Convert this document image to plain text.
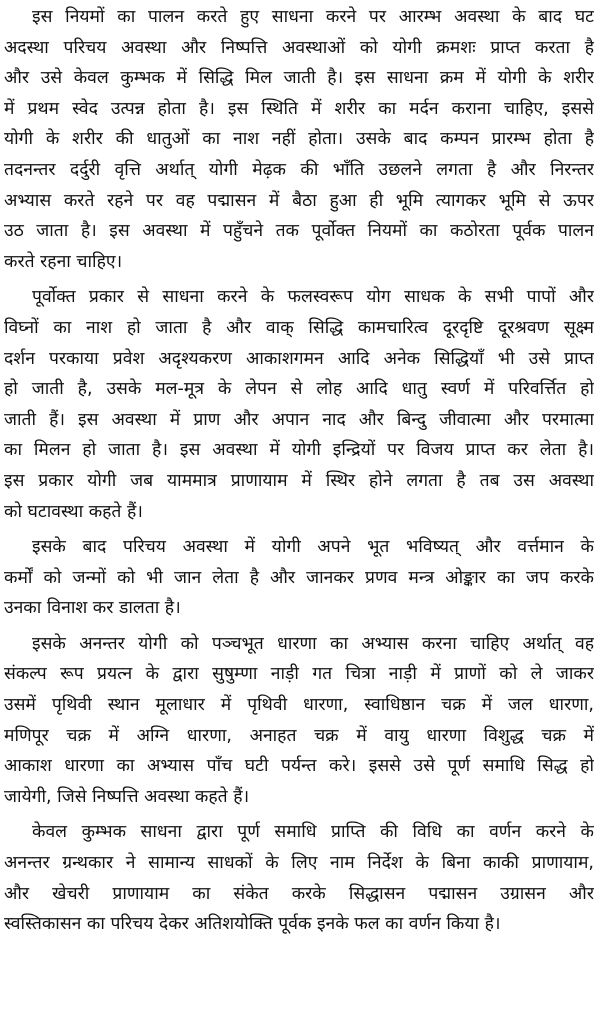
इस नियमों का पालन करते हुए साधना करने पर आरम्भ अवस्था के बाद घट
अदस्था परिचय अवस्था और निष्पत्ति अवस्थाओं को योगी क्रमशः प्राप्त करता है
और उसे केवल कुम्भक में सिद्धि मिल जाती है। इस साधना क्रम में योगी के शरीर
में प्रथम स्वेद उत्पन्न होता है। इस स्थिति में शरीर का मर्दन कराना चाहिए, इससे
योगी के शरीर की धातुओं का नाश नहीं होता। उसके बाद कम्पन प्रारम्भ होता है
तदनन्तर दर्दुरी वृत्ति अर्थात् योगी मेढ़क की भाँति उछलने लगता है और निरन्तर
अभ्यास करते रहने पर वह पद्मासन में बैठा हुआ ही भूमि त्यागकर भूमि से ऊपर
उठ जाता है। इस अवस्था में पहुँचने तक पूर्वोक्त नियमों का कठोरता पूर्वक पालन
करते रहना चाहिए।
पूर्वोक्त प्रकार से साधना करने के फलस्वरूप योग साधक के सभी पापों और
विघ्नों का नाश हो जाता है और वाक् सिद्धि कामचारित्व दूरदृष्टि दूरश्रवण सूक्ष्म
दर्शन परकाया प्रवेश अदृश्यकरण आकाशगमन आदि अनेक सिद्धियाँ भी उसे प्राप्त
हो जाती है, उसके मल-मूत्र के लेपन से लोह आदि धातु स्वर्ण में परिवर्त्तित हो
जाती हैं। इस अवस्था में प्राण और अपान नाद और बिन्दु जीवात्मा और परमात्मा
का मिलन हो जाता है। इस अवस्था में योगी इन्द्रियों पर विजय प्राप्त कर लेता है।
इस प्रकार योगी जब याममात्र प्राणायाम में स्थिर होने लगता है तब उस अवस्था
को घटावस्था कहते हैं।
इसके बाद परिचय अवस्था में योगी अपने भूत भविष्यत् और वर्त्तमान के
कर्मों को जन्मों को भी जान लेता है और जानकर प्रणव मन्त्र ओङ्कार का जप करके
उनका विनाश कर डालता है।
इसके अनन्तर योगी को पञ्चभूत धारणा का अभ्यास करना चाहिए अर्थात् वह
संकल्प रूप प्रयत्न के द्वारा सुषुम्णा नाड़ी गत चित्रा नाड़ी में प्राणों को ले जाकर
उसमें पृथिवी स्थान मूलाधार में पृथिवी धारणा, स्वाधिष्ठान चक्र में जल धारणा,
मणिपूर चक्र में अग्नि धारणा, अनाहत चक्र में वायु धारणा विशुद्ध चक्र में
आकाश धारणा का अभ्यास पाँच घटी पर्यन्त करे। इससे उसे पूर्ण समाधि सिद्ध हो
जायेगी, जिसे निष्पत्ति अवस्था कहते हैं।
केवल कुम्भक साधना द्वारा पूर्ण समाधि प्राप्ति की विधि का वर्णन करने के
अनन्तर ग्रन्थकार ने सामान्य साधकों के लिए नाम निर्देश के बिना काकी प्राणायाम,
और खेचरी प्राणायाम का संकेत करके सिद्धासन पद्मासन उग्रासन और
स्वस्तिकासन का परिचय देकर अतिशयोक्ति पूर्वक इनके फल का वर्णन किया है।
